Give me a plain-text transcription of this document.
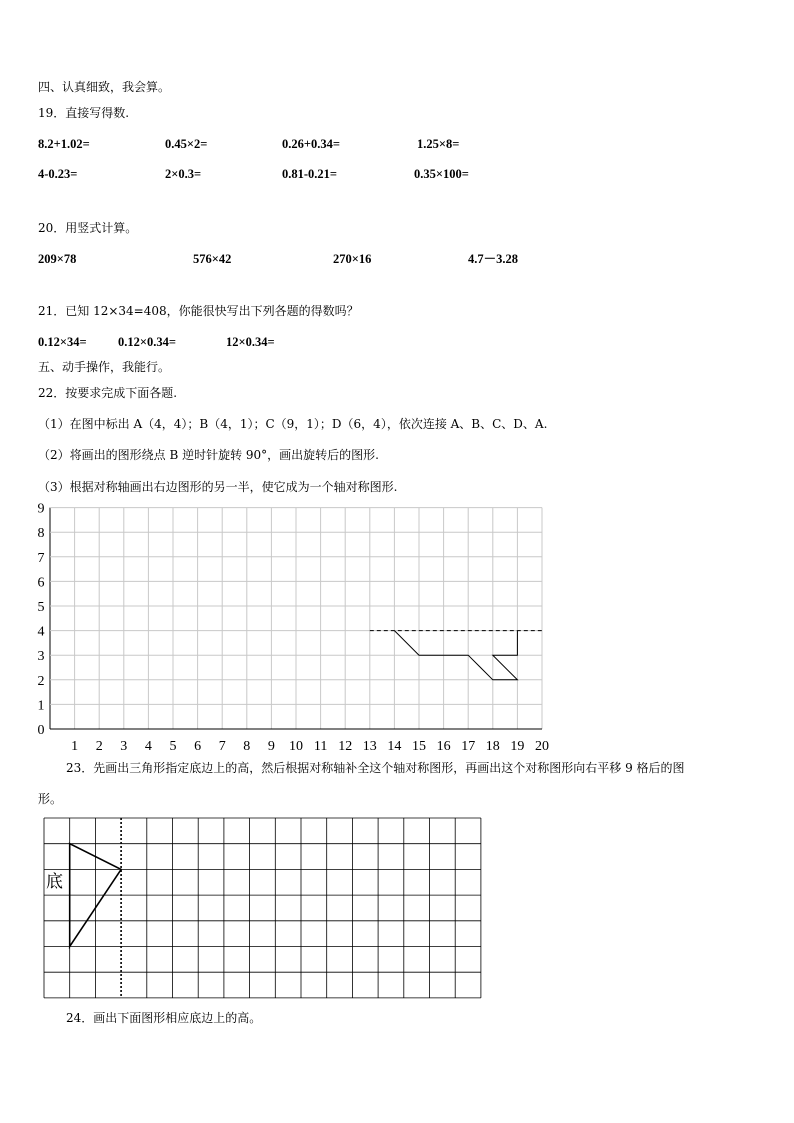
四、认真细致，我会算。
19．直接写得数.
8.2+1.02=	0.45×2=	0.26+0.34=	1.25×8=
4-0.23=	2×0.3=	0.81-0.21=	0.35×100=
20．用竖式计算。
209×78	576×42	270×16	4.7－3.28
21．已知 12×34=408，你能很快写出下列各题的得数吗？
0.12×34=	0.12×0.34=	12×0.34=
五、动手操作，我能行。
22．按要求完成下面各题.
（1）在图中标出 A（4，4）；B（4，1）；C（9，1）；D（6，4），依次连接 A、B、C、D、A.
（2）将画出的图形绕点 B 逆时针旋转 90°，画出旋转后的图形.
（3）根据对称轴画出右边图形的另一半，使它成为一个轴对称图形.
1 2 3 4 5 6 7 8 9 10 11 12 13 14 15 16 17 18 19 20
0
1
2
3
4
5
6
7
8
9
23．先画出三角形指定底边上的高，然后根据对称轴补全这个轴对称图形，再画出这个对称图形向右平移 9 格后的图
形。
底
24．画出下面图形相应底边上的高。
